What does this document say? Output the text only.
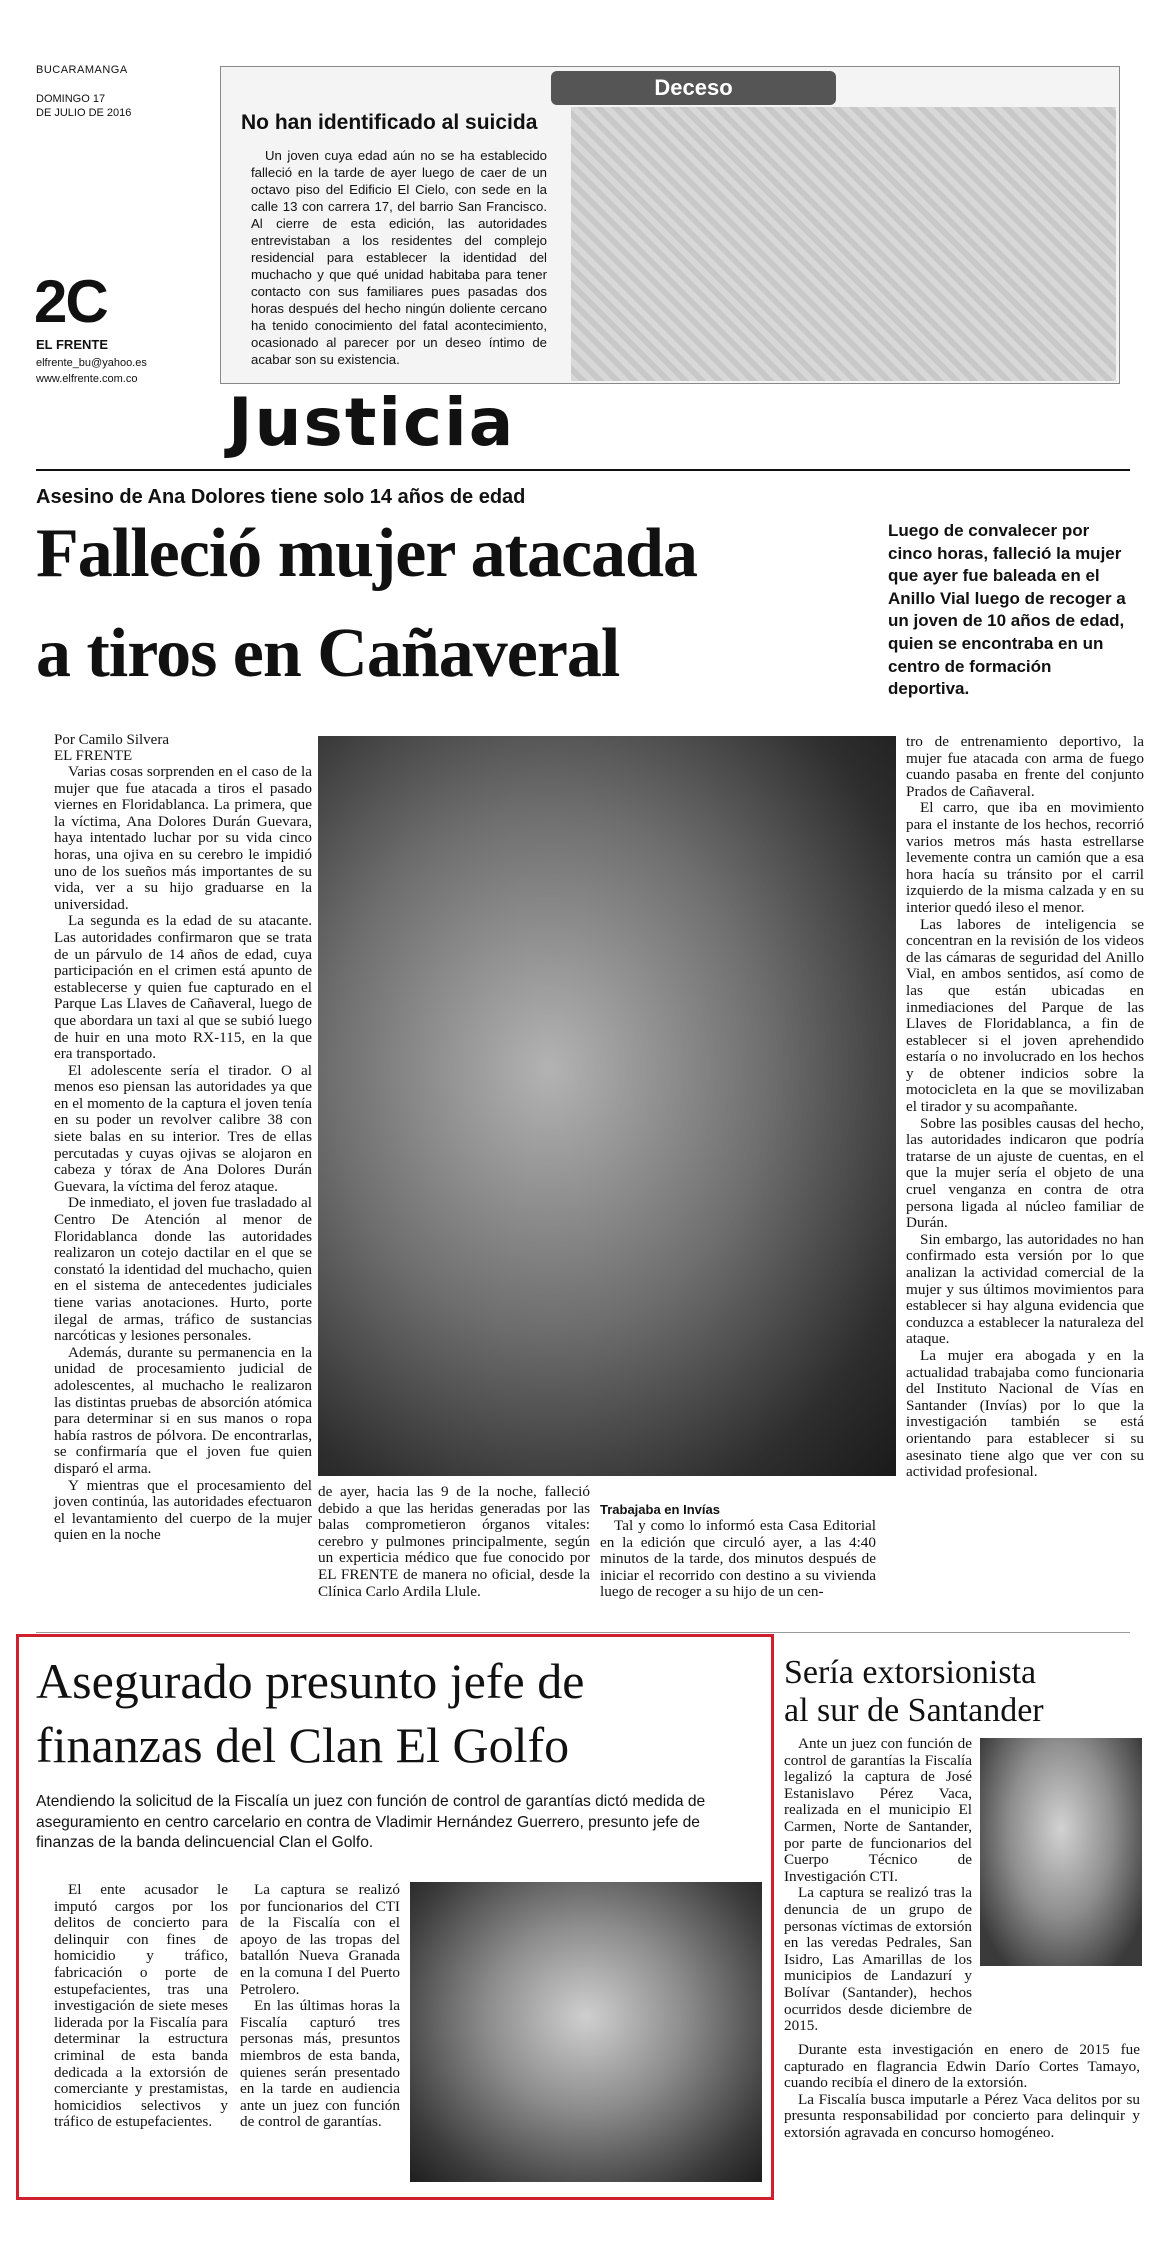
BUCARAMANGA
DOMINGO 17
DE JULIO DE 2016
2C
EL FRENTE
elfrente_bu@yahoo.es
www.elfrente.com.co
Deceso
No han identificado al suicida
Un joven cuya edad aún no se ha establecido falleció en la tarde de ayer luego de caer de un octavo piso del Edificio El Cielo, con sede en la calle 13 con carrera 17, del barrio San Francisco. Al cierre de esta edición, las autoridades entrevistaban a los residentes del complejo residencial para establecer la identidad del muchacho y que qué unidad habitaba para tener contacto con sus familiares pues pasadas dos horas después del hecho ningún doliente cercano ha tenido conocimiento del fatal acontecimiento, ocasionado al parecer por un deseo íntimo de acabar son su existencia.
Justicia
Asesino de Ana Dolores tiene solo 14 años de edad
Falleció mujer atacada
a tiros en Cañaveral
Luego de convalecer por cinco horas, falleció la mujer que ayer fue baleada en el Anillo Vial luego de recoger a un joven de 10 años de edad, quien se encontraba en un centro de formación deportiva.
Por Camilo Silvera
EL FRENTE

Varias cosas sorprenden en el caso de la mujer que fue atacada a tiros el pasado viernes en Floridablanca. La primera, que la víctima, Ana Dolores Durán Guevara, haya intentado luchar por su vida cinco horas, una ojiva en su cerebro le impidió uno de los sueños más importantes de su vida, ver a su hijo graduarse en la universidad.

La segunda es la edad de su atacante. Las autoridades confirmaron que se trata de un párvulo de 14 años de edad, cuya participación en el crimen está apunto de establecerse y quien fue capturado en el Parque Las Llaves de Cañaveral, luego de que abordara un taxi al que se subió luego de huir en una moto RX-115, en la que era transportado.

El adolescente sería el tirador. O al menos eso piensan las autoridades ya que en el momento de la captura el joven tenía en su poder un revolver calibre 38 con siete balas en su interior. Tres de ellas percutadas y cuyas ojivas se alojaron en cabeza y tórax de Ana Dolores Durán Guevara, la víctima del feroz ataque.

De inmediato, el joven fue trasladado al Centro De Atención al menor de Floridablanca donde las autoridades realizaron un cotejo dactilar en el que se constató la identidad del muchacho, quien en el sistema de antecedentes judiciales tiene varias anotaciones. Hurto, porte ilegal de armas, tráfico de sustancias narcóticas y lesiones personales.

Además, durante su permanencia en la unidad de procesamiento judicial de adolescentes, al muchacho le realizaron las distintas pruebas de absorción atómica para determinar si en sus manos o ropa había rastros de pólvora. De encontrarlas, se confirmaría que el joven fue quien disparó el arma.

Y mientras que el procesamiento del joven continúa, las autoridades efectuaron el levantamiento del cuerpo de la mujer quien en la noche

de ayer, hacia las 9 de la noche, falleció debido a que las heridas generadas por las balas comprometieron órganos vitales: cerebro y pulmones principalmente, según un experticia médico que fue conocido por EL FRENTE de manera no oficial, desde la Clínica Carlo Ardila Llule.

Trabajaba en Invías

Tal y como lo informó esta Casa Editorial en la edición que circuló ayer, a las 4:40 minutos de la tarde, dos minutos después de iniciar el recorrido con destino a su vivienda luego de recoger a su hijo de un cen-

tro de entrenamiento deportivo, la mujer fue atacada con arma de fuego cuando pasaba en frente del conjunto Prados de Cañaveral.

El carro, que iba en movimiento para el instante de los hechos, recorrió varios metros más hasta estrellarse levemente contra un camión que a esa hora hacía su tránsito por el carril izquierdo de la misma calzada y en su interior quedó ileso el menor.

Las labores de inteligencia se concentran en la revisión de los videos de las cámaras de seguridad del Anillo Vial, en ambos sentidos, así como de las que están ubicadas en inmediaciones del Parque de las Llaves de Floridablanca, a fin de establecer si el joven aprehendido estaría o no involucrado en los hechos y de obtener indicios sobre la motocicleta en la que se movilizaban el tirador y su acompañante.

Sobre las posibles causas del hecho, las autoridades indicaron que podría tratarse de un ajuste de cuentas, en el que la mujer sería el objeto de una cruel venganza en contra de otra persona ligada al núcleo familiar de Durán.

Sin embargo, las autoridades no han confirmado esta versión por lo que analizan la actividad comercial de la mujer y sus últimos movimientos para establecer si hay alguna evidencia que conduzca a establecer la naturaleza del ataque.

La mujer era abogada y en la actualidad trabajaba como funcionaria del Instituto Nacional de Vías en Santander (Invías) por lo que la investigación también se está orientando para establecer si su asesinato tiene algo que ver con su actividad profesional.

Asegurado presunto jefe de
finanzas del Clan El Golfo
Atendiendo la solicitud de la Fiscalía un juez con función de control de garantías dictó medida de aseguramiento en centro carcelario en contra de Vladimir Hernández Guerrero, presunto jefe de finanzas de la banda delincuencial Clan el Golfo.

El ente acusador le imputó cargos por los delitos de concierto para delinquir con fines de homicidio y tráfico, fabricación o porte de estupefacientes, tras una investigación de siete meses liderada por la Fiscalía para determinar la estructura criminal de esta banda dedicada a la extorsión de comerciante y prestamistas, homicidios selectivos y tráfico de estupefacientes.

La captura se realizó por funcionarios del CTI de la Fiscalía con el apoyo de las tropas del batallón Nueva Granada en la comuna I del Puerto Petrolero.

En las últimas horas la Fiscalía capturó tres personas más, presuntos miembros de esta banda, quienes serán presentado en la tarde en audiencia ante un juez con función de control de garantías.

Sería extorsionista
al sur de Santander

Ante un juez con función de control de garantías la Fiscalía legalizó la captura de José Estanislavo Pérez Vaca, realizada en el municipio El Carmen, Norte de Santander, por parte de funcionarios del Cuerpo Técnico de Investigación CTI.

La captura se realizó tras la denuncia de un grupo de personas víctimas de extorsión en las veredas Pedrales, San Isidro, Las Amarillas de los municipios de Landazurí y Bolívar (Santander), hechos ocurridos desde diciembre de 2015.

Durante esta investigación en enero de 2015 fue capturado en flagrancia Edwin Darío Cortes Tamayo, cuando recibía el dinero de la extorsión.

La Fiscalía busca imputarle a Pérez Vaca delitos por su presunta responsabilidad por concierto para delinquir y extorsión agravada en concurso homogéneo.
